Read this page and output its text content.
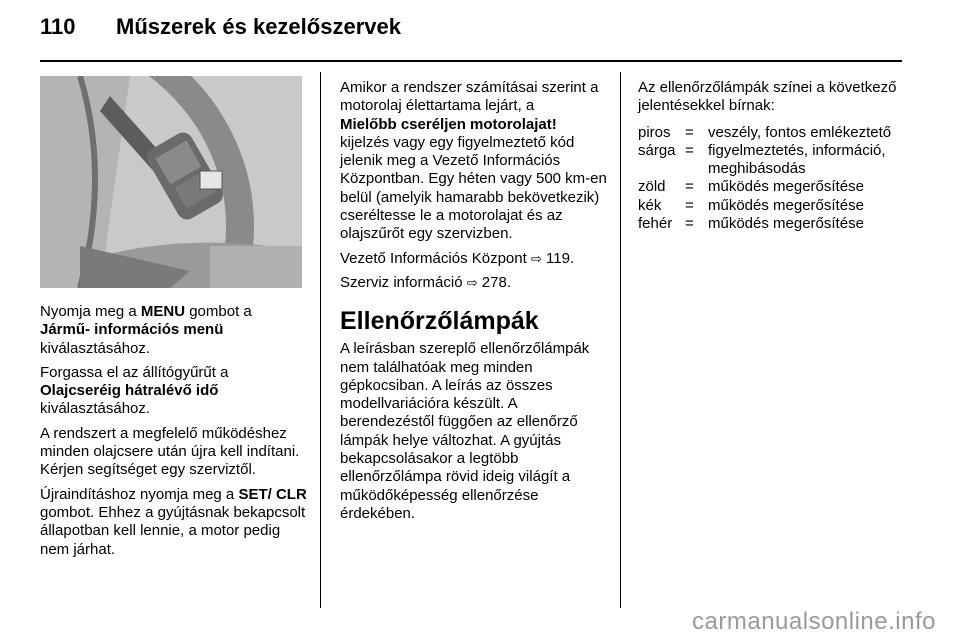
110 Műszerek és kezelőszervek

Nyomja meg a MENU gombot a
Jármű- információs menü
kiválasztásához.

Forgassa el az állítógyűrűt a
Olajcseréig hátralévő idő
kiválasztásához.

A rendszert a megfelelő működéshez minden olajcsere után újra kell indítani. Kérjen segítséget egy szerviztől.

Újraindításhoz nyomja meg a SET/ CLR gombot. Ehhez a gyújtásnak bekapcsolt állapotban kell lennie, a motor pedig nem járhat.

Amikor a rendszer számításai szerint a motorolaj élettartama lejárt, a
Mielőbb cseréljen motorolajat!
kijelzés vagy egy figyelmeztető kód jelenik meg a Vezető Információs Központban. Egy héten vagy 500 km-en belül (amelyik hamarabb bekövetkezik) cseréltesse le a motorolajat és az olajszűrőt egy szervizben.

Vezető Információs Központ ⇨ 119.

Szerviz információ ⇨ 278.

Ellenőrzőlámpák

A leírásban szereplő ellenőrzőlámpák nem találhatóak meg minden gépkocsiban. A leírás az összes modellvariációra készült. A berendezéstől függően az ellenőrző lámpák helye változhat. A gyújtás bekapcsolásakor a legtöbb ellenőrzőlámpa rövid ideig világít a működőképesség ellenőrzése érdekében.

Az ellenőrzőlámpák színei a következő jelentésekkel bírnak:

piros	=	veszély, fontos emlékeztető
sárga	=	figyelmeztetés, információ, meghibásodás
zöld	=	működés megerősítése
kék	=	működés megerősítése
fehér	=	működés megerősítése
carmanualsonline.info
